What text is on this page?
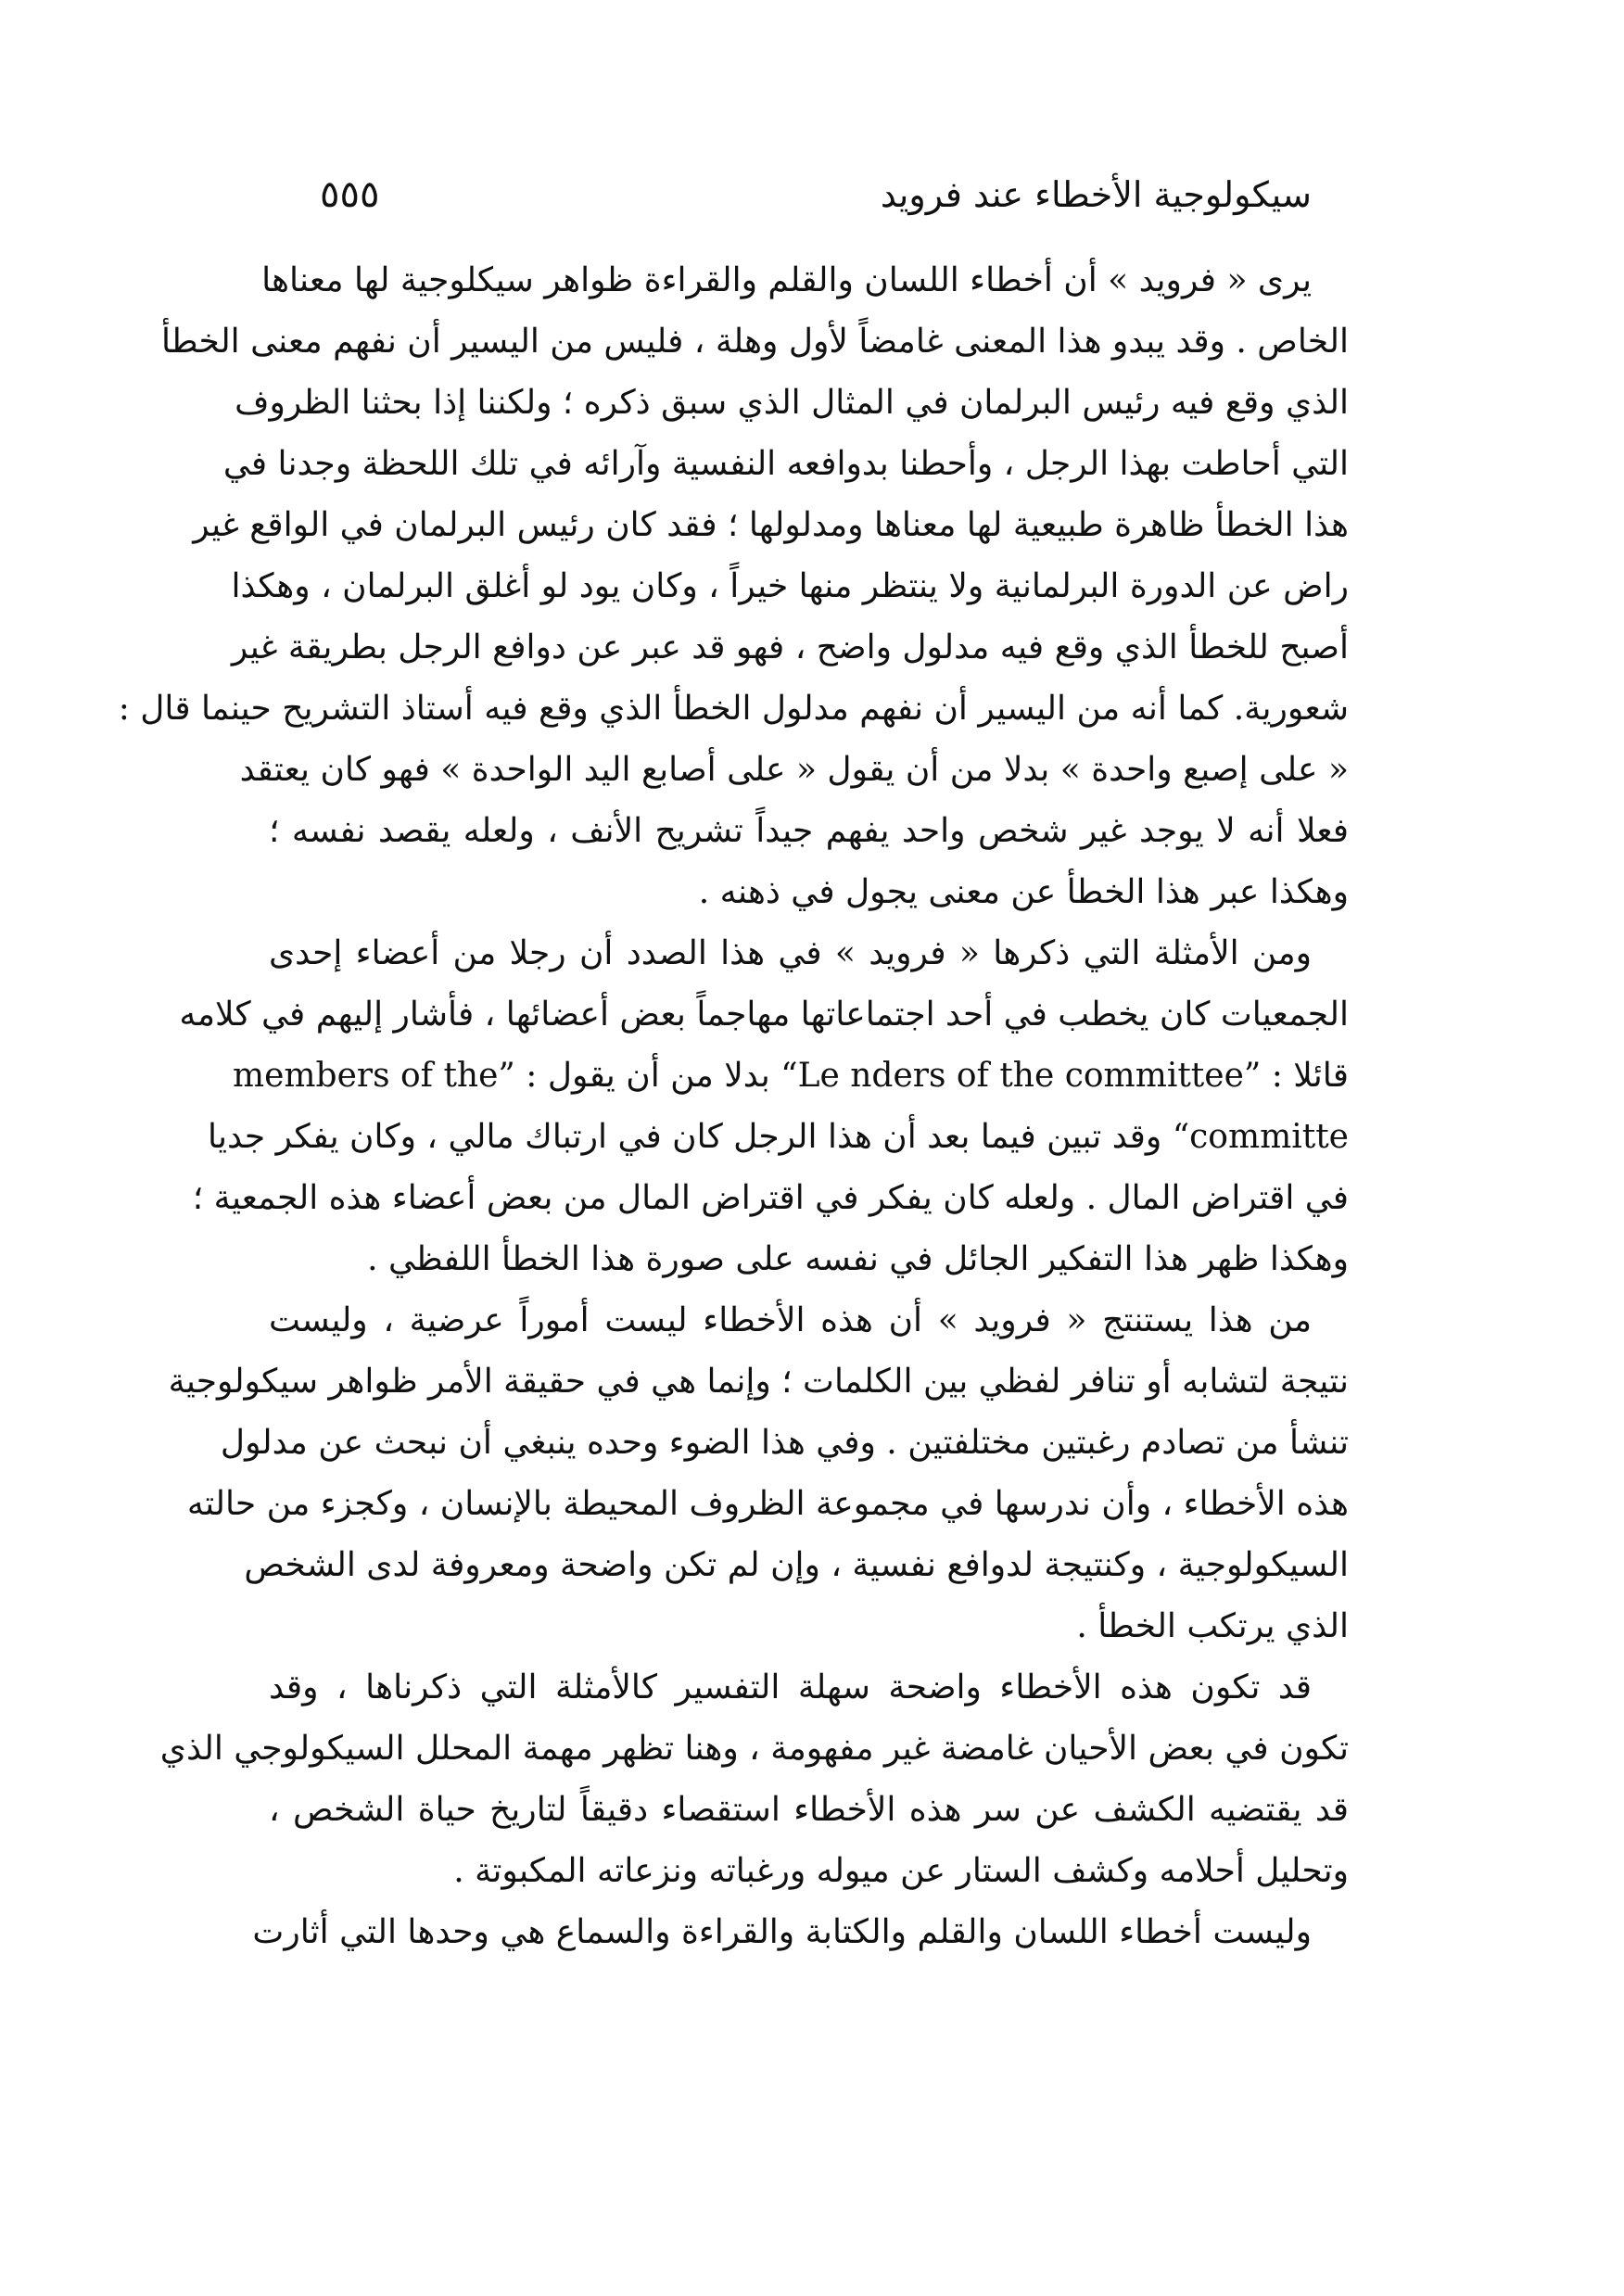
سيكولوجية الأخطاء عند فرويد
٥٥٥
يرى « فرويد » أن أخطاء اللسان والقلم والقراءة ظواهر سيكلوجية لها معناها
الخاص . وقد يبدو هذا المعنى غامضاً لأول وهلة ، فليس من اليسير أن نفهم معنى الخطأ
الذي وقع فيه رئيس البرلمان في المثال الذي سبق ذكره ؛ ولكننا إذا بحثنا الظروف
التي أحاطت بهذا الرجل ، وأحطنا بدوافعه النفسية وآرائه في تلك اللحظة وجدنا في
هذا الخطأ ظاهرة طبيعية لها معناها ومدلولها ؛ فقد كان رئيس البرلمان في الواقع غير
راض عن الدورة البرلمانية ولا ينتظر منها خيراً ، وكان يود لو أغلق البرلمان ، وهكذا
أصبح للخطأ الذي وقع فيه مدلول واضح ، فهو قد عبر عن دوافع الرجل بطريقة غير
شعورية. كما أنه من اليسير أن نفهم مدلول الخطأ الذي وقع فيه أستاذ التشريح حينما قال :
« على إصبع واحدة » بدلا من أن يقول « على أصابع اليد الواحدة » فهو كان يعتقد
فعلا أنه لا يوجد غير شخص واحد يفهم جيداً تشريح الأنف ، ولعله يقصد نفسه ؛
وهكذا عبر هذا الخطأ عن معنى يجول في ذهنه .
ومن الأمثلة التي ذكرها « فرويد » في هذا الصدد أن رجلا من أعضاء إحدى
الجمعيات كان يخطب في أحد اجتماعاتها مهاجماً بعض أعضائها ، فأشار إليهم في كلامه
قائلا : ”Le nders of the committee“ بدلا من أن يقول : ”members of the
committe“ وقد تبين فيما بعد أن هذا الرجل كان في ارتباك مالي ، وكان يفكر جديا
في اقتراض المال . ولعله كان يفكر في اقتراض المال من بعض أعضاء هذه الجمعية ؛
وهكذا ظهر هذا التفكير الجائل في نفسه على صورة هذا الخطأ اللفظي .
من هذا يستنتج « فرويد » أن هذه الأخطاء ليست أموراً عرضية ، وليست
نتيجة لتشابه أو تنافر لفظي بين الكلمات ؛ وإنما هي في حقيقة الأمر ظواهر سيكولوجية
تنشأ من تصادم رغبتين مختلفتين . وفي هذا الضوء وحده ينبغي أن نبحث عن مدلول
هذه الأخطاء ، وأن ندرسها في مجموعة الظروف المحيطة بالإنسان ، وكجزء من حالته
السيكولوجية ، وكنتيجة لدوافع نفسية ، وإن لم تكن واضحة ومعروفة لدى الشخص
الذي يرتكب الخطأ .
قد تكون هذه الأخطاء واضحة سهلة التفسير كالأمثلة التي ذكرناها ، وقد
تكون في بعض الأحيان غامضة غير مفهومة ، وهنا تظهر مهمة المحلل السيكولوجي الذي
قد يقتضيه الكشف عن سر هذه الأخطاء استقصاء دقيقاً لتاريخ حياة الشخص ،
وتحليل أحلامه وكشف الستار عن ميوله ورغباته ونزعاته المكبوتة .
وليست أخطاء اللسان والقلم والكتابة والقراءة والسماع هي وحدها التي أثارت
